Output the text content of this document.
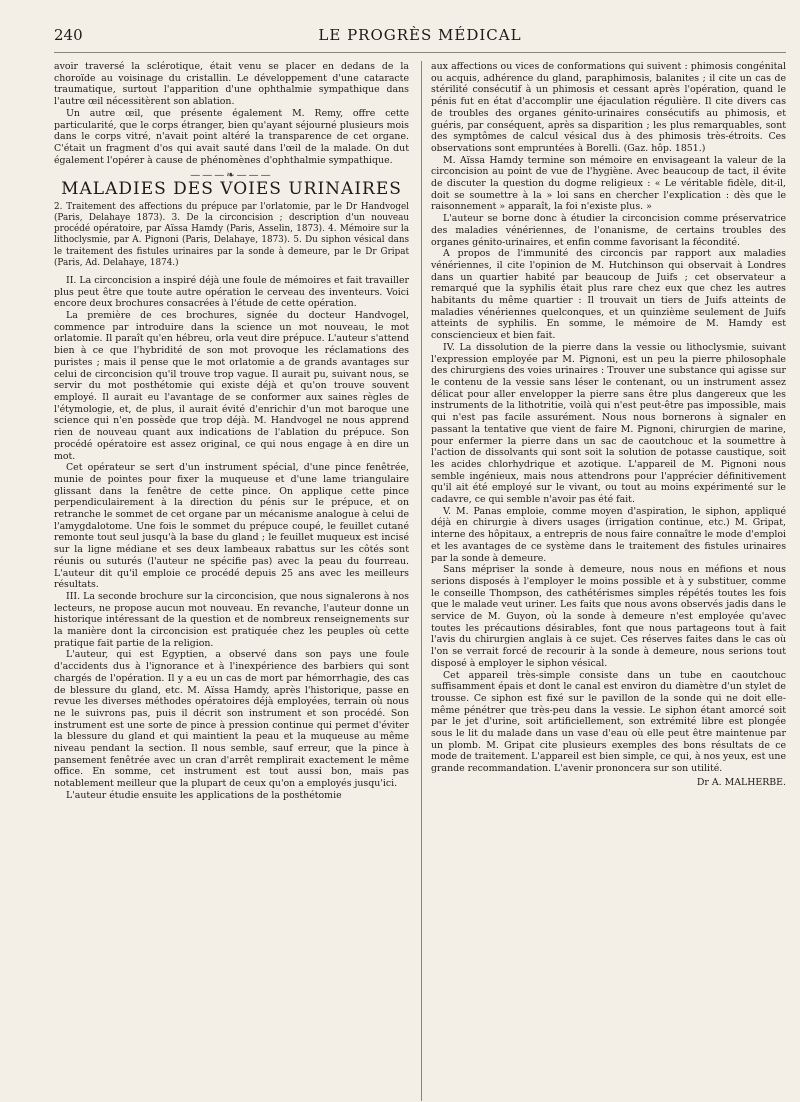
240	LE PROGRÈS MÉDICAL

avoir traversé la sclérotique, était venu se placer en dedans de la choroïde au voisinage du cristallin. Le développement d'une cataracte traumatique, surtout l'apparition d'une ophthalmie sympathique dans l'autre œil nécessitèrent son ablation.

Un autre œil, que présente également M. Remy, offre cette particularité, que le corps étranger, bien qu'ayant séjourné plusieurs mois dans le corps vitré, n'avait point altéré la transparence de cet organe. C'était un fragment d'os qui avait sauté dans l'œil de la malade. On dut également l'opérer à cause de phénomènes d'ophthalmie sympathique.

———❧———
MALADIES DES VOIES URINAIRES

2. Traitement des affections du prépuce par l'orlatomie, par le Dr Handvogel (Paris, Delahaye 1873). 3. De la circoncision ; description d'un nouveau procédé opératoire, par Aïssa Hamdy (Paris, Asselin, 1873). 4. Mémoire sur la lithoclysmie, par A. Pignoni (Paris, Delahaye, 1873). 5. Du siphon vésical dans le traitement des fistules urinaires par la sonde à demeure, par le Dr Gripat (Paris, Ad. Delahaye, 1874.)

II. La circoncision a inspiré déjà une foule de mémoires et fait travailler plus peut être que toute autre opération le cerveau des inventeurs. Voici encore deux brochures consacrées à l'étude de cette opération.

La première de ces brochures, signée du docteur Handvogel, commence par introduire dans la science un mot nouveau, le mot orlatomie. Il paraît qu'en hébreu, orla veut dire prépuce. L'auteur s'attend bien à ce que l'hybridité de son mot provoque les réclamations des puristes ; mais il pense que le mot orlatomie a de grands avantages sur celui de circoncision qu'il trouve trop vague. Il aurait pu, suivant nous, se servir du mot posthétomie qui existe déjà et qu'on trouve souvent employé. Il aurait eu l'avantage de se conformer aux saines règles de l'étymologie, et, de plus, il aurait évité d'enrichir d'un mot baroque une science qui n'en possède que trop déjà. M. Handvogel ne nous apprend rien de nouveau quant aux indications de l'ablation du prépuce. Son procédé opératoire est assez original, ce qui nous engage à en dire un mot.

Cet opérateur se sert d'un instrument spécial, d'une pince fenêtrée, munie de pointes pour fixer la muqueuse et d'une lame triangulaire glissant dans la fenêtre de cette pince. On applique cette pince perpendiculairement à la direction du pénis sur le prépuce, et on retranche le sommet de cet organe par un mécanisme analogue à celui de l'amygdalotome. Une fois le sommet du prépuce coupé, le feuillet cutané remonte tout seul jusqu'à la base du gland ; le feuillet muqueux est incisé sur la ligne médiane et ses deux lambeaux rabattus sur les côtés sont réunis ou suturés (l'auteur ne spécifie pas) avec la peau du fourreau. L'auteur dit qu'il emploie ce procédé depuis 25 ans avec les meilleurs résultats.

III. La seconde brochure sur la circoncision, que nous signalerons à nos lecteurs, ne propose aucun mot nouveau. En revanche, l'auteur donne un historique intéressant de la question et de nombreux renseignements sur la manière dont la circoncision est pratiquée chez les peuples où cette pratique fait partie de la religion.

L'auteur, qui est Egyptien, a observé dans son pays une foule d'accidents dus à l'ignorance et à l'inexpérience des barbiers qui sont chargés de l'opération. Il y a eu un cas de mort par hémorrhagie, des cas de blessure du gland, etc. M. Aïssa Hamdy, après l'historique, passe en revue les diverses méthodes opératoires déjà employées, terrain où nous ne le suivrons pas, puis il décrit son instrument et son procédé. Son instrument est une sorte de pince à pression continue qui permet d'éviter la blessure du gland et qui maintient la peau et la muqueuse au même niveau pendant la section. Il nous semble, sauf erreur, que la pince à pansement fenêtrée avec un cran d'arrêt remplirait exactement le même office. En somme, cet instrument est tout aussi bon, mais pas notablement meilleur que la plupart de ceux qu'on a employés jusqu'ici.

L'auteur étudie ensuite les applications de la posthétomie

aux affections ou vices de conformations qui suivent : phimosis congénital ou acquis, adhérence du gland, paraphimosis, balanites ; il cite un cas de stérilité consécutif à un phimosis et cessant après l'opération, quand le pénis fut en état d'accomplir une éjaculation régulière. Il cite divers cas de troubles des organes génito-urinaires consécutifs au phimosis, et guéris, par conséquent, après sa disparition ; les plus remarquables, sont des symptômes de calcul vésical dus à des phimosis très-étroits. Ces observations sont empruntées à Borelli. (Gaz. hôp. 1851.)

M. Aïssa Hamdy termine son mémoire en envisageant la valeur de la circoncision au point de vue de l'hygiène. Avec beaucoup de tact, il évite de discuter la question du dogme religieux : « Le véritable fidèle, dit-il, doit se soumettre à la » loi sans en chercher l'explication : dès que le raisonnement » apparaît, la foi n'existe plus. »

L'auteur se borne donc à étudier la circoncision comme préservatrice des maladies vénériennes, de l'onanisme, de certains troubles des organes génito-urinaires, et enfin comme favorisant la fécondité.

A propos de l'immunité des circoncis par rapport aux maladies vénériennes, il cite l'opinion de M. Hutchinson qui observait à Londres dans un quartier habité par beaucoup de Juifs ; cet observateur a remarqué que la syphilis était plus rare chez eux que chez les autres habitants du même quartier : Il trouvait un tiers de Juifs atteints de maladies vénériennes quelconques, et un quinzième seulement de Juifs atteints de syphilis. En somme, le mémoire de M. Hamdy est consciencieux et bien fait.

IV. La dissolution de la pierre dans la vessie ou lithoclysmie, suivant l'expression employée par M. Pignoni, est un peu la pierre philosophale des chirurgiens des voies urinaires : Trouver une substance qui agisse sur le contenu de la vessie sans léser le contenant, ou un instrument assez délicat pour aller envelopper la pierre sans être plus dangereux que les instruments de la lithotritie, voilà qui n'est peut-être pas impossible, mais qui n'est pas facile assurément. Nous nous bornerons à signaler en passant la tentative que vient de faire M. Pignoni, chirurgien de marine, pour enfermer la pierre dans un sac de caoutchouc et la soumettre à l'action de dissolvants qui sont soit la solution de potasse caustique, soit les acides chlorhydrique et azotique. L'appareil de M. Pignoni nous semble ingénieux, mais nous attendrons pour l'apprécier définitivement qu'il ait été employé sur le vivant, ou tout au moins expérimenté sur le cadavre, ce qui semble n'avoir pas été fait.

V. M. Panas emploie, comme moyen d'aspiration, le siphon, appliqué déjà en chirurgie à divers usages (irrigation continue, etc.) M. Gripat, interne des hôpitaux, a entrepris de nous faire connaître le mode d'emploi et les avantages de ce système dans le traitement des fistules urinaires par la sonde à demeure.

Sans mépriser la sonde à demeure, nous nous en méfions et nous serions disposés à l'employer le moins possible et à y substituer, comme le conseille Thompson, des cathétérismes simples répétés toutes les fois que le malade veut uriner. Les faits que nous avons observés jadis dans le service de M. Guyon, où la sonde à demeure n'est employée qu'avec toutes les précautions désirables, font que nous partageons tout à fait l'avis du chirurgien anglais à ce sujet. Ces réserves faites dans le cas où l'on se verrait forcé de recourir à la sonde à demeure, nous serions tout disposé à employer le siphon vésical.

Cet appareil très-simple consiste dans un tube en caoutchouc suffisamment épais et dont le canal est environ du diamètre d'un stylet de trousse. Ce siphon est fixé sur le pavillon de la sonde qui ne doit elle-même pénétrer que très-peu dans la vessie. Le siphon étant amorcé soit par le jet d'urine, soit artificiellement, son extrémité libre est plongée sous le lit du malade dans un vase d'eau où elle peut être maintenue par un plomb. M. Gripat cite plusieurs exemples des bons résultats de ce mode de traitement. L'appareil est bien simple, ce qui, à nos yeux, est une grande recommandation. L'avenir prononcera sur son utilité.

Dr A. MALHERBE.
